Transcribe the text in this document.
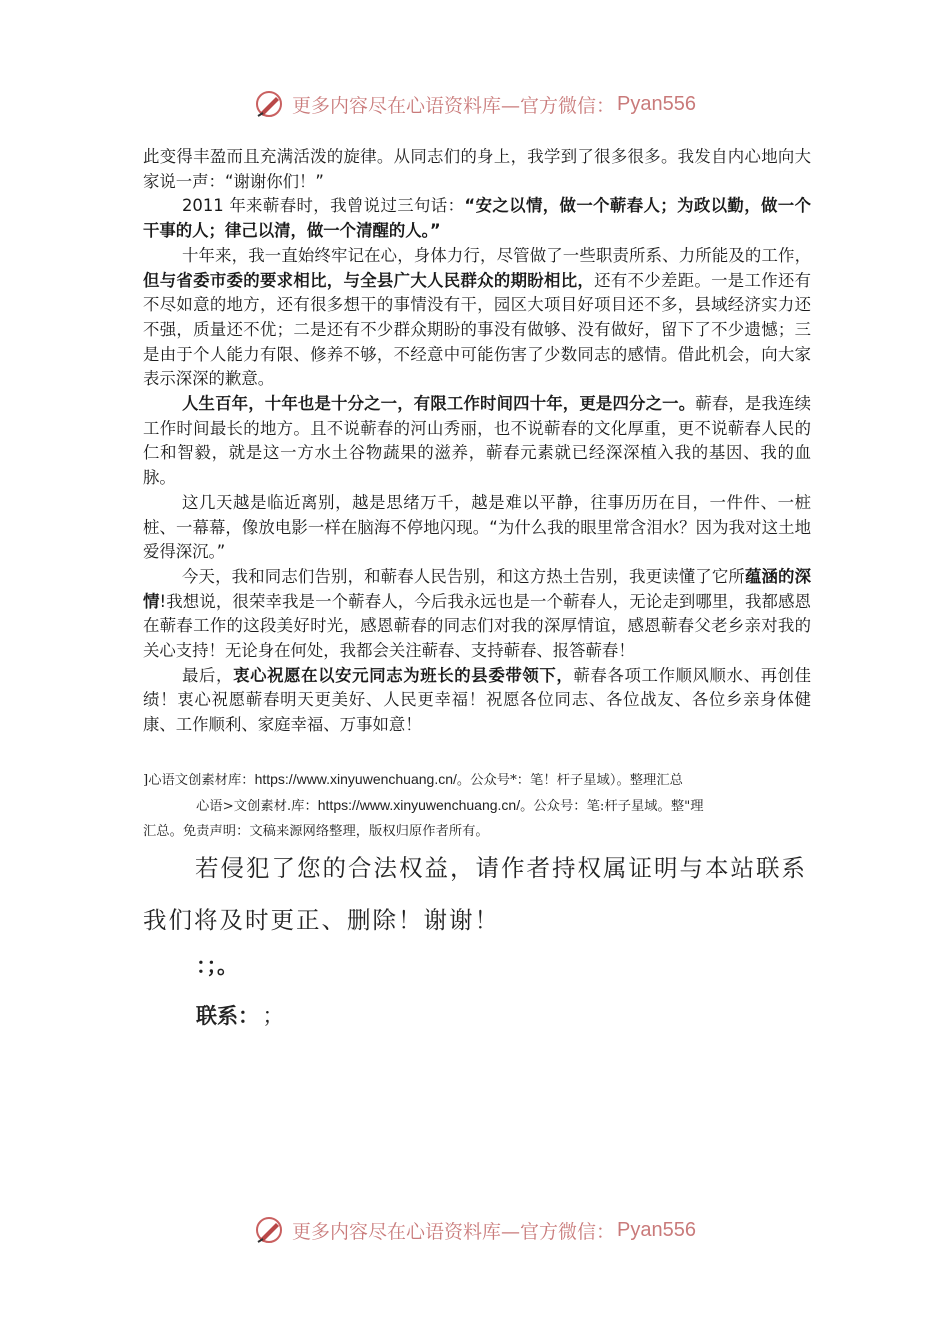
更多内容尽在心语资料库—官方微信： Pyan556

此变得丰盈而且充满活泼的旋律。从同志们的身上，我学到了很多很多。我发自内心地向大家说一声：“谢谢你们！”

2011 年来蕲春时，我曾说过三句话：“安之以情，做一个蕲春人；为政以勤，做一个干事的人；律己以清，做一个清醒的人。”

十年来，我一直始终牢记在心，身体力行，尽管做了一些职责所系、力所能及的工作，但与省委市委的要求相比，与全县广大人民群众的期盼相比，还有不少差距。一是工作还有不尽如意的地方，还有很多想干的事情没有干，园区大项目好项目还不多，县域经济实力还不强，质量还不优；二是还有不少群众期盼的事没有做够、没有做好，留下了不少遗憾；三是由于个人能力有限、修养不够，不经意中可能伤害了少数同志的感情。借此机会，向大家表示深深的歉意。

人生百年，十年也是十分之一，有限工作时间四十年，更是四分之一。蕲春，是我连续工作时间最长的地方。且不说蕲春的河山秀丽，也不说蕲春的文化厚重，更不说蕲春人民的仁和智毅，就是这一方水土谷物蔬果的滋养，蕲春元素就已经深深植入我的基因、我的血脉。

这几天越是临近离别，越是思绪万千，越是难以平静，往事历历在目，一件件、一桩桩、一幕幕，像放电影一样在脑海不停地闪现。“为什么我的眼里常含泪水？因为我对这土地爱得深沉。”

今天，我和同志们告别，和蕲春人民告别，和这方热土告别，我更读懂了它所蕴涵的深情!我想说，很荣幸我是一个蕲春人，今后我永远也是一个蕲春人，无论走到哪里，我都感恩在蕲春工作的这段美好时光，感恩蕲春的同志们对我的深厚情谊，感恩蕲春父老乡亲对我的关心支持！无论身在何处，我都会关注蕲春、支持蕲春、报答蕲春！

最后，衷心祝愿在以安元同志为班长的县委带领下，蕲春各项工作顺风顺水、再创佳绩！衷心祝愿蕲春明天更美好、人民更幸福！祝愿各位同志、各位战友、各位乡亲身体健康、工作顺利、家庭幸福、万事如意！

]心语文创素材库：https://www.xinyuwenchuang.cn/。公众号*：笔！杆子星域）。整理汇总

心语>文创素材.库：https://www.xinyuwenchuang.cn/。公众号：笔:杆子星域。整"理

汇总。免责声明：文稿来源网络整理，版权归原作者所有。

若侵犯了您的合法权益，请作者持权属证明与本站联系

我们将及时更正、删除！谢谢！

：；。
联系： ；
更多内容尽在心语资料库—官方微信： Pyan556
